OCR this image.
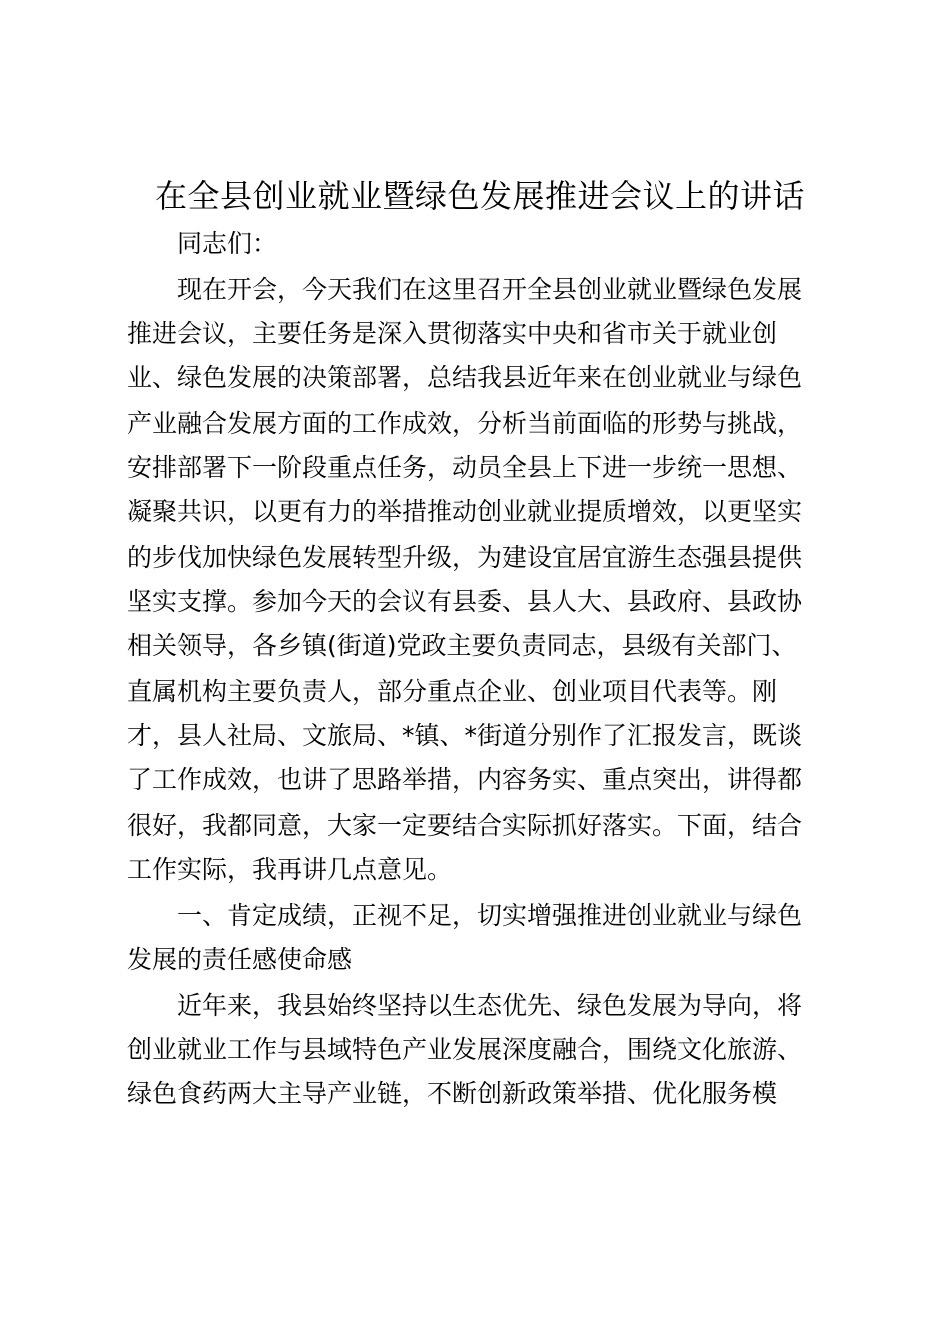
在全县创业就业暨绿色发展推进会议上的讲话
同志们：
现在开会，今天我们在这里召开全县创业就业暨绿色发展
推进会议，主要任务是深入贯彻落实中央和省市关于就业创
业、绿色发展的决策部署，总结我县近年来在创业就业与绿色
产业融合发展方面的工作成效，分析当前面临的形势与挑战，
安排部署下一阶段重点任务，动员全县上下进一步统一思想、
凝聚共识，以更有力的举措推动创业就业提质增效，以更坚实
的步伐加快绿色发展转型升级，为建设宜居宜游生态强县提供
坚实支撑。参加今天的会议有县委、县人大、县政府、县政协
相关领导，各乡镇(街道)党政主要负责同志，县级有关部门、
直属机构主要负责人，部分重点企业、创业项目代表等。刚
才，县人社局、文旅局、*镇、*街道分别作了汇报发言，既谈
了工作成效，也讲了思路举措，内容务实、重点突出，讲得都
很好，我都同意，大家一定要结合实际抓好落实。下面，结合
工作实际，我再讲几点意见。
一、肯定成绩，正视不足，切实增强推进创业就业与绿色
发展的责任感使命感
近年来，我县始终坚持以生态优先、绿色发展为导向，将
创业就业工作与县域特色产业发展深度融合，围绕文化旅游、
绿色食药两大主导产业链，不断创新政策举措、优化服务模
